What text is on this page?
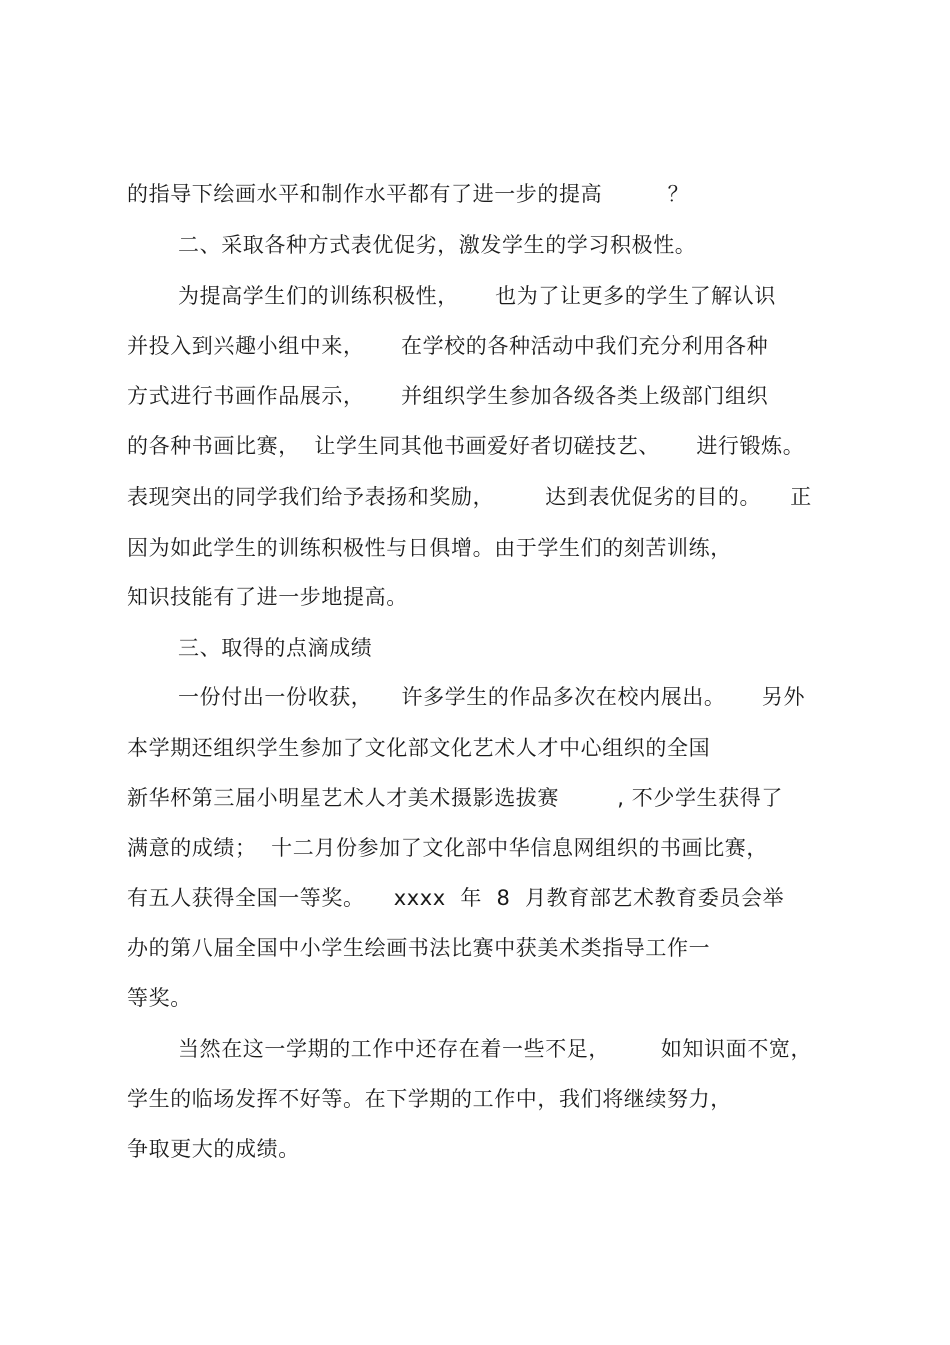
的指导下绘画水平和制作水平都有了进一步的提高         ？
二、采取各种方式表优促劣，激发学生的学习积极性。
为提高学生们的训练积极性，     也为了让更多的学生了解认识
并投入到兴趣小组中来，     在学校的各种活动中我们充分利用各种
方式进行书画作品展示，     并组织学生参加各级各类上级部门组织
的各种书画比赛，  让学生同其他书画爱好者切磋技艺、     进行锻炼。
表现突出的同学我们给予表扬和奖励，       达到表优促劣的目的。    正
因为如此学生的训练积极性与日俱增。由于学生们的刻苦训练，
知识技能有了进一步地提高。
三、取得的点滴成绩
一份付出一份收获，    许多学生的作品多次在校内展出。     另外
本学期还组织学生参加了文化部文化艺术人才中心组织的全国
新华杯第三届小明星艺术人才美术摄影选拔赛        , 不少学生获得了
满意的成绩；  十二月份参加了文化部中华信息网组织的书画比赛，
有五人获得全国一等奖。    xxxx  年  8  月教育部艺术教育委员会举
办的第八届全国中小学生绘画书法比赛中获美术类指导工作一
等奖。
当然在这一学期的工作中还存在着一些不足，       如知识面不宽，
学生的临场发挥不好等。在下学期的工作中，我们将继续努力，
争取更大的成绩。
